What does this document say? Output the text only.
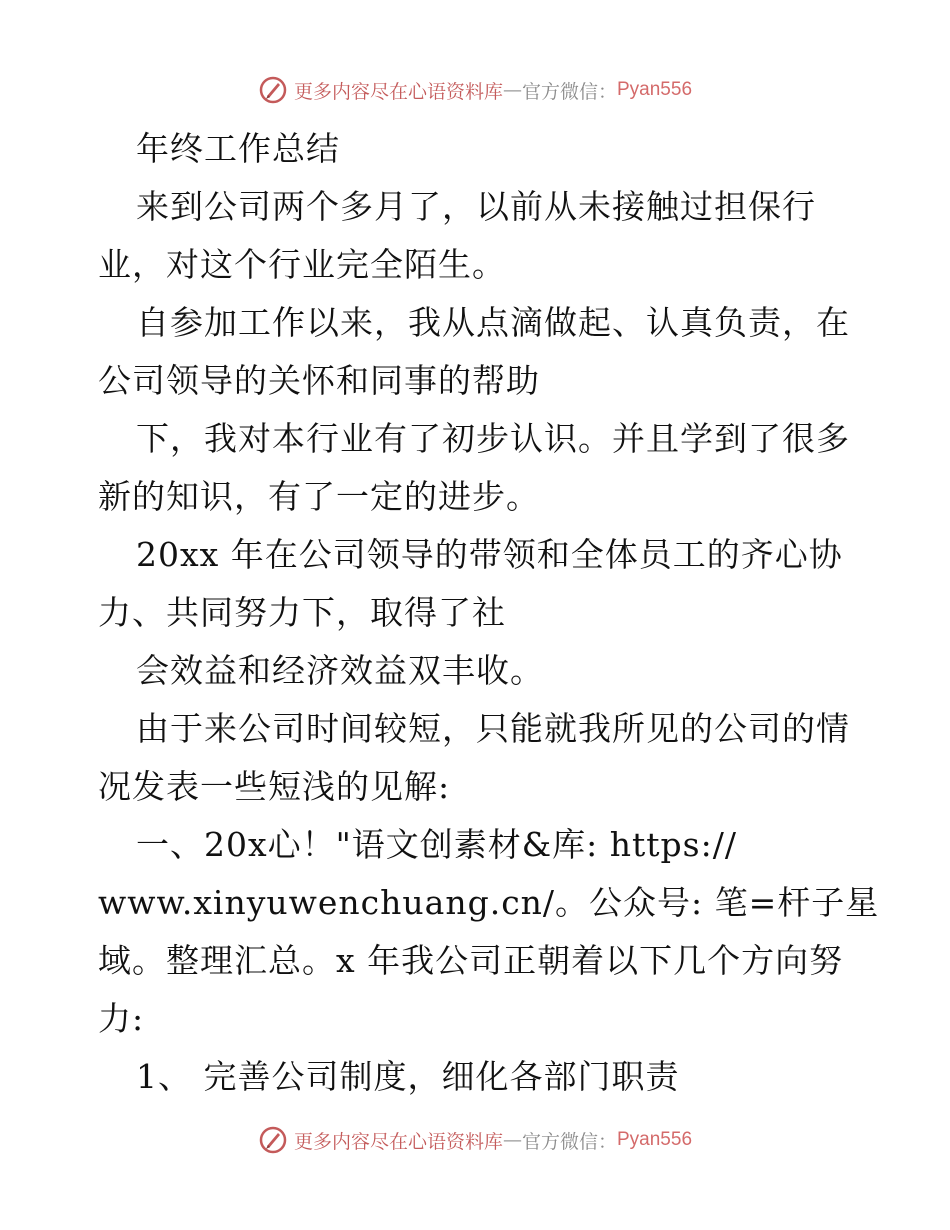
更多内容尽在心语资料库 — 官方微信： Pyan556
年终工作总结
来到公司两个多月了，以前从未接触过担保行
业，对这个行业完全陌生。
自参加工作以来，我从点滴做起、认真负责，在
公司领导的关怀和同事的帮助
下，我对本行业有了初步认识。并且学到了很多
新的知识，有了一定的进步。
20xx 年在公司领导的带领和全体员工的齐心协
力、共同努力下，取得了社
会效益和经济效益双丰收。
由于来公司时间较短，只能就我所见的公司的情
况发表一些短浅的见解:
一、20x心！"语文创素材&库: https://
www.xinyuwenchuang.cn/。公众号: 笔=杆子星
域。整理汇总。x 年我公司正朝着以下几个方向努
力:
1、 完善公司制度，细化各部门职责
更多内容尽在心语资料库 — 官方微信： Pyan556
